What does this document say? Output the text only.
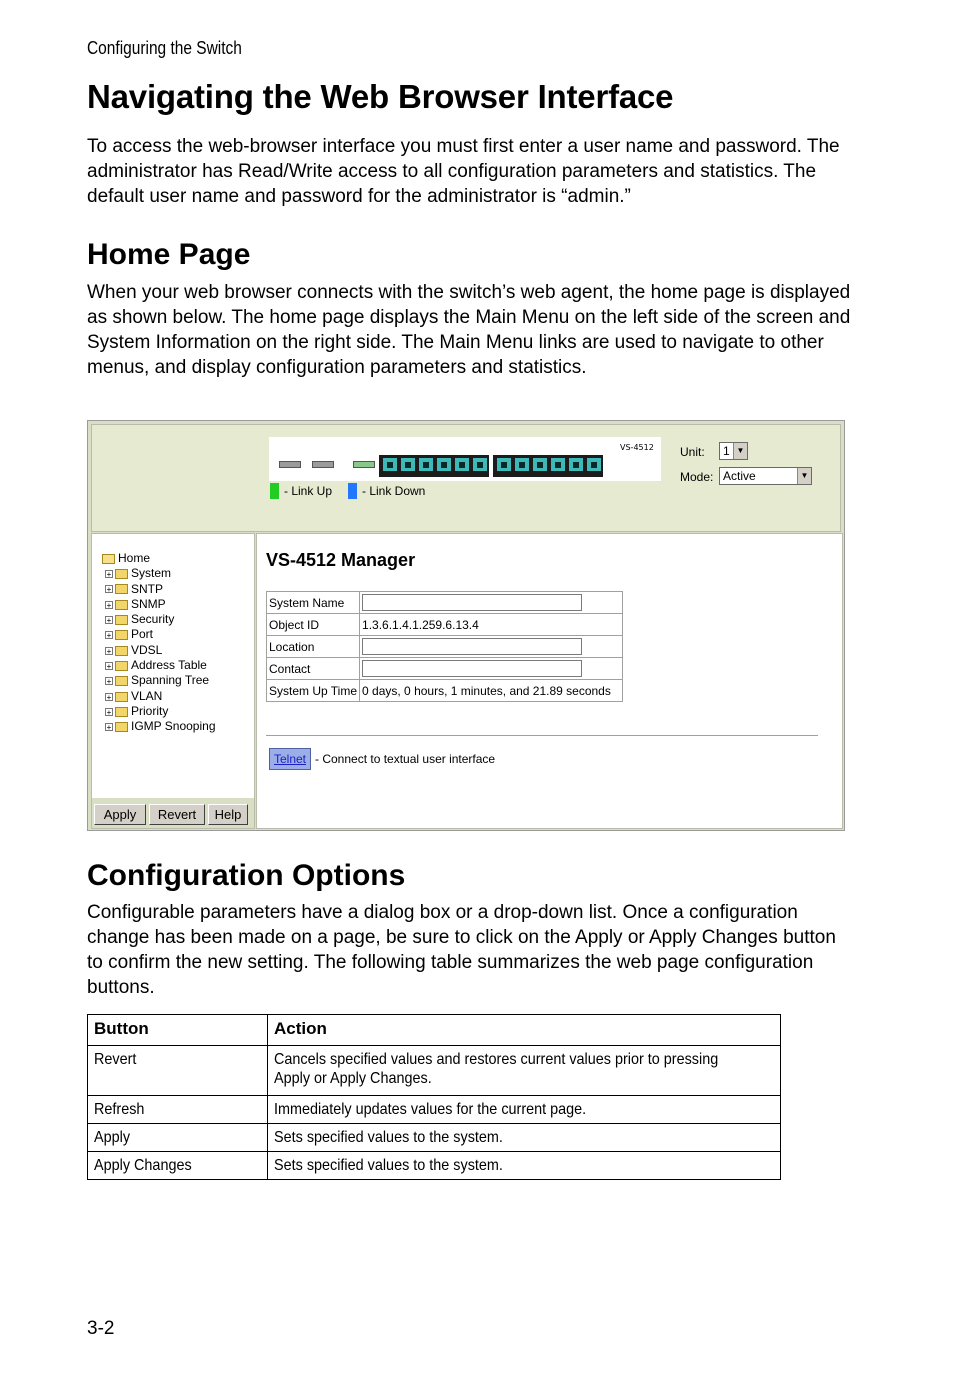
Configuring the Switch
Navigating the Web Browser Interface

To access the web-browser interface you must first enter a user name and password. The administrator has Read/Write access to all configuration parameters and statistics. The default user name and password for the administrator is “admin.”

Home Page

When your web browser connects with the switch’s web agent, the home page is displayed as shown below. The home page displays the Main Menu on the left side of the screen and System Information on the right side. The Main Menu links are used to navigate to other menus, and display configuration parameters and statistics.

VS-4512
- Link Up - Link Down
Unit:	1 ▼
Mode: Active	▼
Home
+ System
+ SNTP
+ SNMP
+ Security
+ Port
+ VDSL
+ Address Table
+ Spanning Tree
+ VLAN
+ Priority
+ IGMP Snooping
Apply	Revert	Help
VS-4512 Manager
System Name	

Object ID	1.3.6.1.4.1.259.6.13.4
Location	

Contact	

System Up Time	0 days, 0 hours, 1 minutes, and 21.89 seconds
Telnet - Connect to textual user interface
Configuration Options

Configurable parameters have a dialog box or a drop-down list. Once a configuration change has been made on a page, be sure to click on the Apply or Apply Changes button to confirm the new setting. The following table summarizes the web page configuration buttons.

Button	Action
Revert	Cancels specified values and restores current values prior to pressing Apply or Apply Changes.
Refresh	Immediately updates values for the current page.
Apply	Sets specified values to the system.
Apply Changes	Sets specified values to the system.
3-2
